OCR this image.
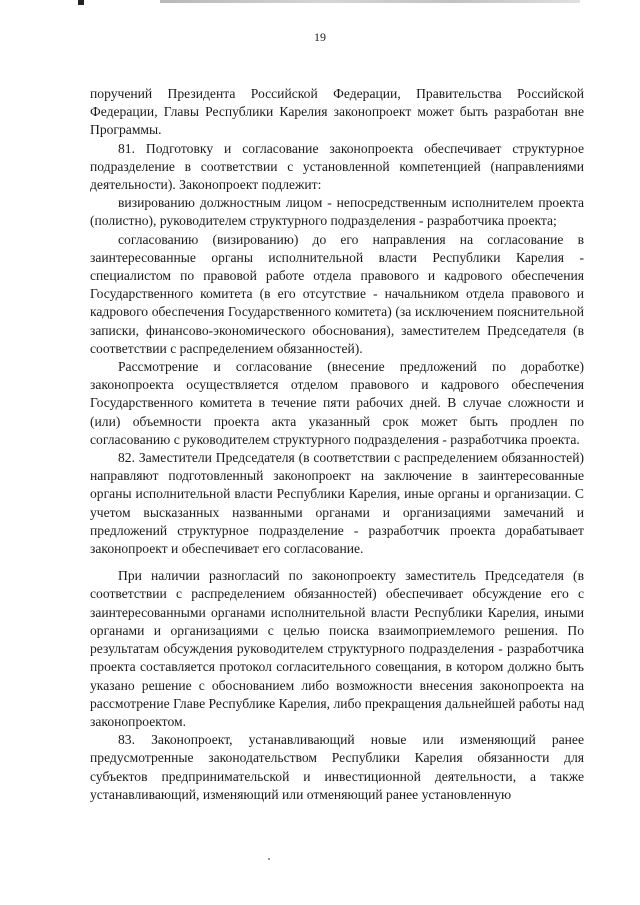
19

поручений Президента Российской Федерации, Правительства Российской Федерации, Главы Республики Карелия законопроект может быть разработан вне Программы.

81. Подготовку и согласование законопроекта обеспечивает структурное подразделение в соответствии с установленной компетенцией (направлениями деятельности). Законопроект подлежит:

визированию должностным лицом - непосредственным исполнителем проекта (полистно), руководителем структурного подразделения - разработчика проекта;

согласованию (визированию) до его направления на согласование в заинтересованные органы исполнительной власти Республики Карелия - специалистом по правовой работе отдела правового и кадрового обеспечения Государственного комитета (в его отсутствие - начальником отдела правового и кадрового обеспечения Государственного комитета) (за исключением пояснительной записки, финансово-экономического обоснования), заместителем Председателя (в соответствии с распределением обязанностей).

Рассмотрение и согласование (внесение предложений по доработке) законопроекта осуществляется отделом правового и кадрового обеспечения Государственного комитета в течение пяти рабочих дней. В случае сложности и (или) объемности проекта акта указанный срок может быть продлен по согласованию с руководителем структурного подразделения - разработчика проекта.

82. Заместители Председателя (в соответствии с распределением обязанностей) направляют подготовленный законопроект на заключение в заинтересованные органы исполнительной власти Республики Карелия, иные органы и организации. С учетом высказанных названными органами и организациями замечаний и предложений структурное подразделение - разработчик проекта дорабатывает законопроект и обеспечивает его согласование.

При наличии разногласий по законопроекту заместитель Председателя (в соответствии с распределением обязанностей) обеспечивает обсуждение его с заинтересованными органами исполнительной власти Республики Карелия, иными органами и организациями с целью поиска взаимоприемлемого решения. По результатам обсуждения руководителем структурного подразделения - разработчика проекта составляется протокол согласительного совещания, в котором должно быть указано решение с обоснованием либо возможности внесения законопроекта на рассмотрение Главе Республике Карелия, либо прекращения дальнейшей работы над законопроектом.

83. Законопроект, устанавливающий новые или изменяющий ранее предусмотренные законодательством Республики Карелия обязанности для субъектов предпринимательской и инвестиционной деятельности, а также устанавливающий, изменяющий или отменяющий ранее установленную
